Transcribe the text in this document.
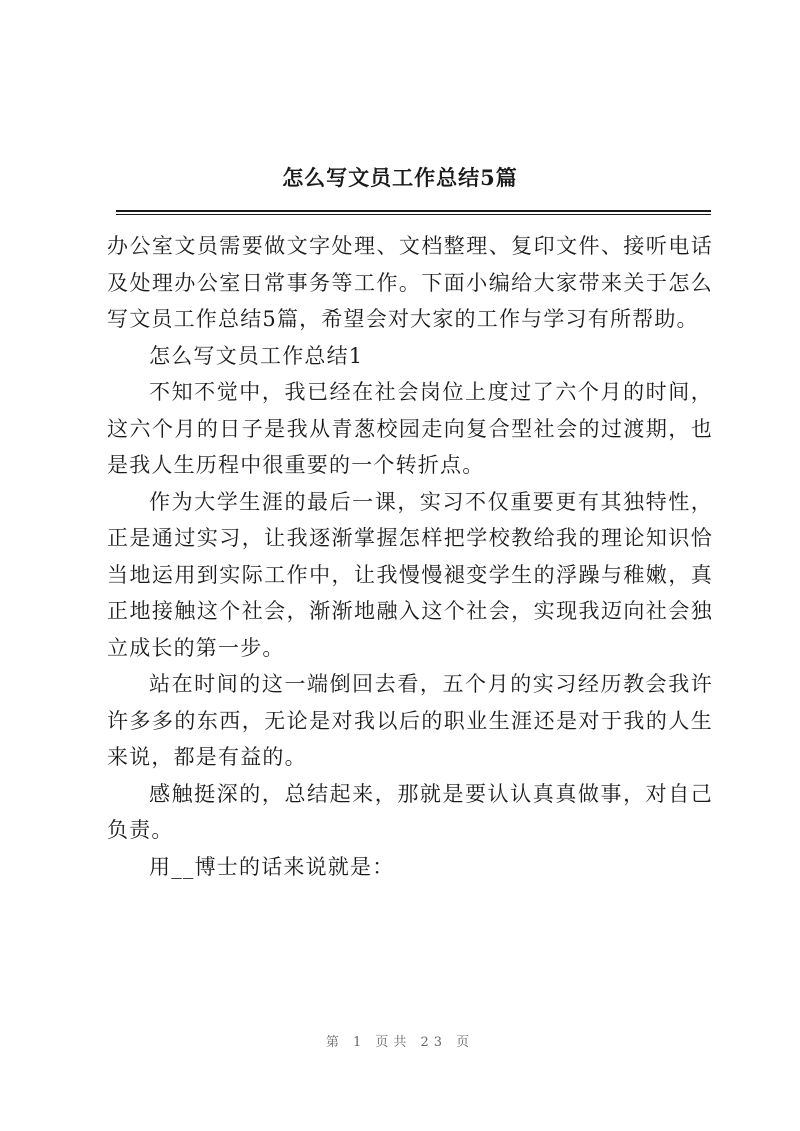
怎么写文员工作总结5篇

办公室文员需要做文字处理、文档整理、复印文件、接听电话及处理办公室日常事务等工作。下面小编给大家带来关于怎么写文员工作总结5篇，希望会对大家的工作与学习有所帮助。

怎么写文员工作总结1

不知不觉中，我已经在社会岗位上度过了六个月的时间，这六个月的日子是我从青葱校园走向复合型社会的过渡期，也是我人生历程中很重要的一个转折点。

作为大学生涯的最后一课，实习不仅重要更有其独特性，正是通过实习，让我逐渐掌握怎样把学校教给我的理论知识恰当地运用到实际工作中，让我慢慢褪变学生的浮躁与稚嫩，真正地接触这个社会，渐渐地融入这个社会，实现我迈向社会独立成长的第一步。

站在时间的这一端倒回去看，五个月的实习经历教会我许许多多的东西，无论是对我以后的职业生涯还是对于我的人生来说，都是有益的。

感触挺深的，总结起来，那就是要认认真真做事，对自己负责。

用__博士的话来说就是：

第 1 页共 23 页
